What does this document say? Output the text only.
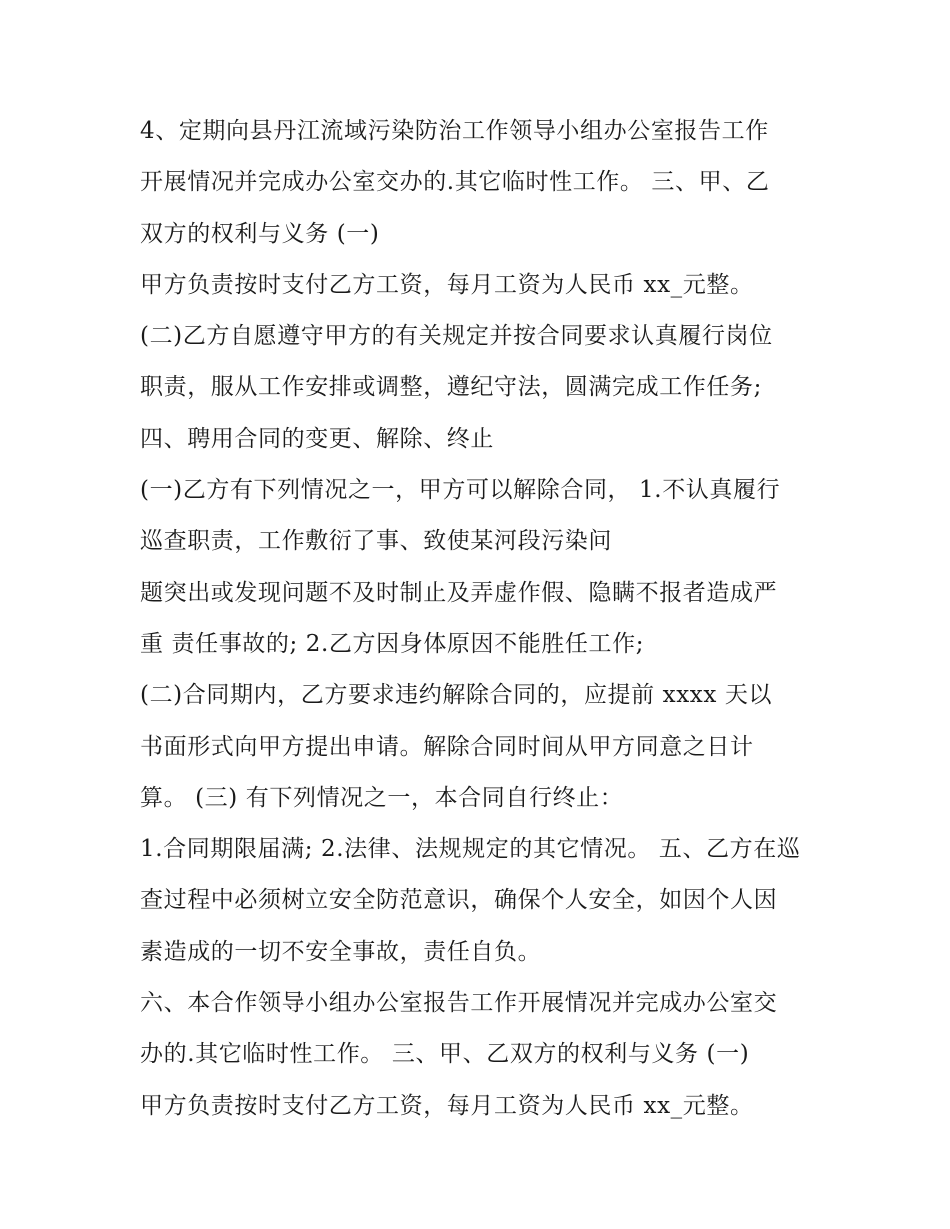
4、定期向县丹江流域污染防治工作领导小组办公室报告工作
开展情况并完成办公室交办的.其它临时性工作。 三、甲、乙
双方的权利与义务 (一)
甲方负责按时支付乙方工资，每月工资为人民币 xx_元整。
(二)乙方自愿遵守甲方的有关规定并按合同要求认真履行岗位
职责，服从工作安排或调整，遵纪守法，圆满完成工作任务;
四、聘用合同的变更、解除、终止
(一)乙方有下列情况之一，甲方可以解除合同， 1.不认真履行
巡查职责，工作敷衍了事、致使某河段污染问
题突出或发现问题不及时制止及弄虚作假、隐瞒不报者造成严
重 责任事故的; 2.乙方因身体原因不能胜任工作;
(二)合同期内，乙方要求违约解除合同的，应提前 xxxx 天以
书面形式向甲方提出申请。解除合同时间从甲方同意之日计
算。 (三) 有下列情况之一，本合同自行终止：
1.合同期限届满; 2.法律、法规规定的其它情况。 五、乙方在巡
查过程中必须树立安全防范意识，确保个人安全，如因个人因
素造成的一切不安全事故，责任自负。
六、本合作领导小组办公室报告工作开展情况并完成办公室交
办的.其它临时性工作。 三、甲、乙双方的权利与义务 (一)
甲方负责按时支付乙方工资，每月工资为人民币 xx_元整。
